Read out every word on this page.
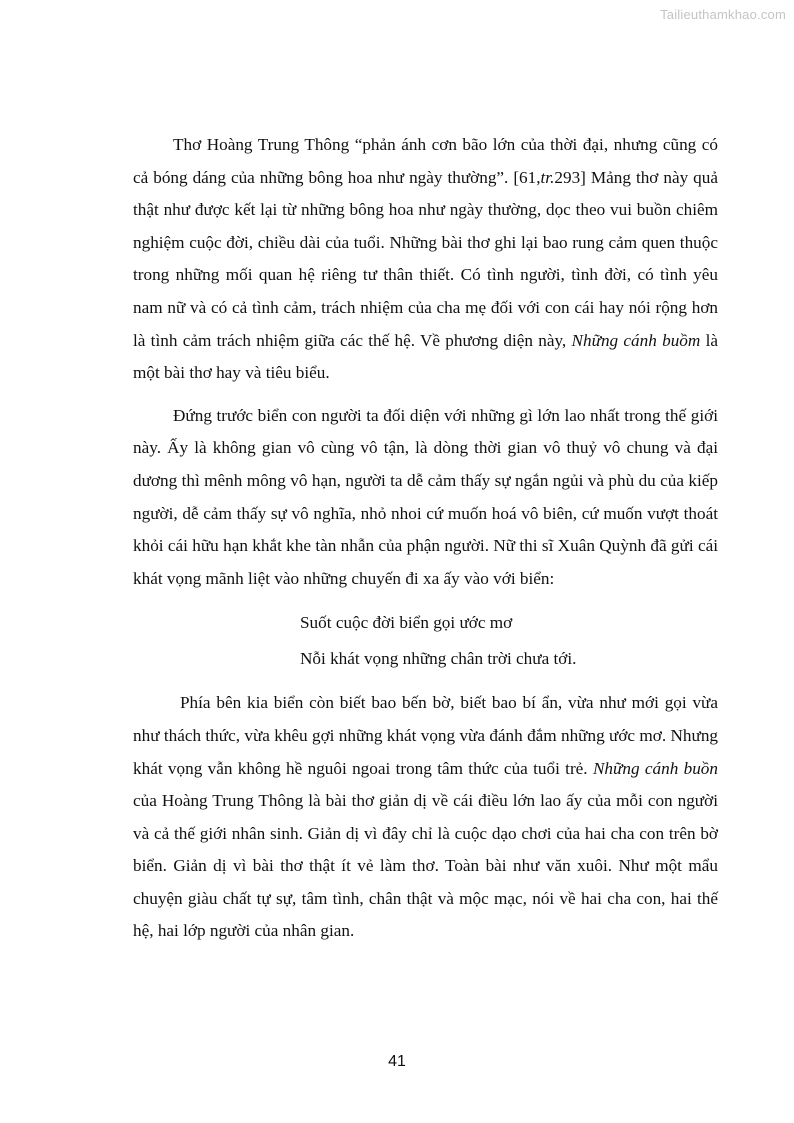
Tailieuthamkhao.com

Thơ Hoàng Trung Thông “phản ánh cơn bão lớn của thời đại, nhưng cũng có cả bóng dáng của những bông hoa như ngày thường”. [61,tr.293] Mảng thơ này quả thật như được kết lại từ những bông hoa như ngày thường, dọc theo vui buồn chiêm nghiệm cuộc đời, chiều dài của tuổi. Những bài thơ ghi lại bao rung cảm quen thuộc trong những mối quan hệ riêng tư thân thiết. Có tình người, tình đời, có tình yêu nam nữ và có cả tình cảm, trách nhiệm của cha mẹ đối với con cái hay nói rộng hơn là tình cảm trách nhiệm giữa các thế hệ. Về phương diện này, Những cánh buồm là một bài thơ hay và tiêu biểu.

Đứng trước biển con người ta đối diện với những gì lớn lao nhất trong thế giới này. Ấy là không gian vô cùng vô tận, là dòng thời gian vô thuỷ vô chung và đại dương thì mênh mông vô hạn, người ta dễ cảm thấy sự ngắn ngủi và phù du của kiếp người, dễ cảm thấy sự vô nghĩa, nhỏ nhoi cứ muốn hoá vô biên, cứ muốn vượt thoát khỏi cái hữu hạn khắt khe tàn nhẫn của phận người. Nữ thi sĩ Xuân Quỳnh đã gửi cái khát vọng mãnh liệt vào những chuyến đi xa ấy vào với biển:

Suốt cuộc đời biển gọi ước mơ
Nỗi khát vọng những chân trời chưa tới.

Phía bên kia biển còn biết bao bến bờ, biết bao bí ẩn, vừa như mới gọi vừa như thách thức, vừa khêu gợi những khát vọng vừa đánh đắm những ước mơ. Nhưng khát vọng vẫn không hề nguôi ngoai trong tâm thức của tuổi trẻ. Những cánh buồn của Hoàng Trung Thông là bài thơ giản dị về cái điều lớn lao ấy của mỗi con người và cả thế giới nhân sinh. Giản dị vì đây chỉ là cuộc dạo chơi của hai cha con trên bờ biển. Giản dị vì bài thơ thật ít vẻ làm thơ. Toàn bài như văn xuôi. Như một mẩu chuyện giàu chất tự sự, tâm tình, chân thật và mộc mạc, nói về hai cha con, hai thế hệ, hai lớp người của nhân gian.

41
